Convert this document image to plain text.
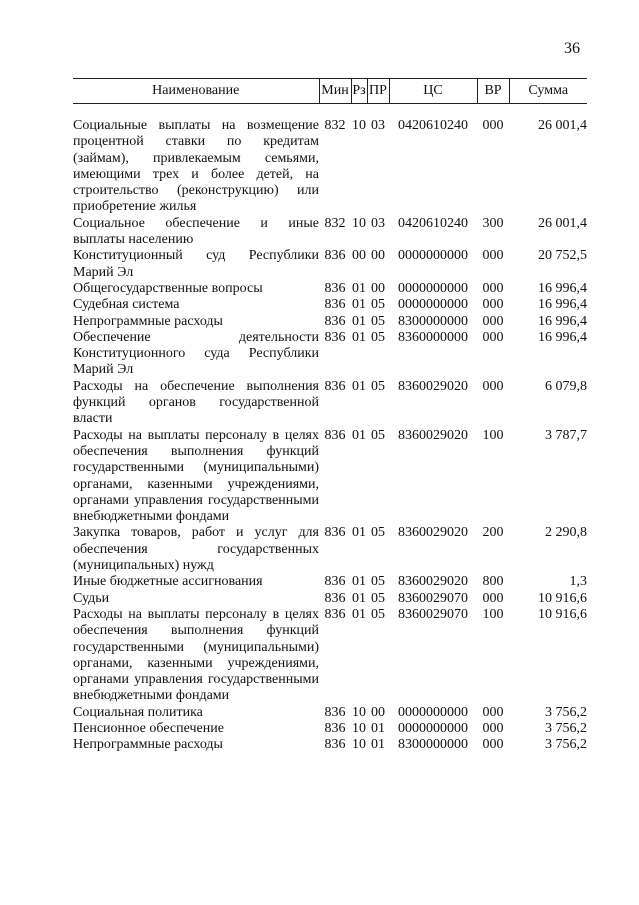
36
Наименование	Мин	Рз	ПР	ЦС	ВР	Сумма

Социальные выплаты на возмещение процентной ставки по кредитам (займам), привлекаемым семьями, имеющими трех и более детей, на строительство (реконструкцию) или приобретение жилья	832	10	03	0420610240	000	26 001,4
Социальное обеспечение и иные выплаты населению	832	10	03	0420610240	300	26 001,4
Конституционный суд Республики Марий Эл	836	00	00	0000000000	000	20 752,5
Общегосударственные вопросы	836	01	00	0000000000	000	16 996,4
Судебная система	836	01	05	0000000000	000	16 996,4
Непрограммные расходы	836	01	05	8300000000	000	16 996,4
Обеспечение деятельности Конституционного суда Республики Марий Эл	836	01	05	8360000000	000	16 996,4
Расходы на обеспечение выполнения функций органов государственной власти	836	01	05	8360029020	000	6 079,8
Расходы на выплаты персоналу в целях обеспечения выполнения функций государственными (муниципальными) органами, казенными учреждениями, органами управления государственными внебюджетными фондами	836	01	05	8360029020	100	3 787,7
Закупка товаров, работ и услуг для обеспечения государственных (муниципальных) нужд	836	01	05	8360029020	200	2 290,8
Иные бюджетные ассигнования	836	01	05	8360029020	800	1,3
Судьи	836	01	05	8360029070	000	10 916,6
Расходы на выплаты персоналу в целях обеспечения выполнения функций государственными (муниципальными) органами, казенными учреждениями, органами управления государственными внебюджетными фондами	836	01	05	8360029070	100	10 916,6
Социальная политика	836	10	00	0000000000	000	3 756,2
Пенсионное обеспечение	836	10	01	0000000000	000	3 756,2
Непрограммные расходы	836	10	01	8300000000	000	3 756,2
